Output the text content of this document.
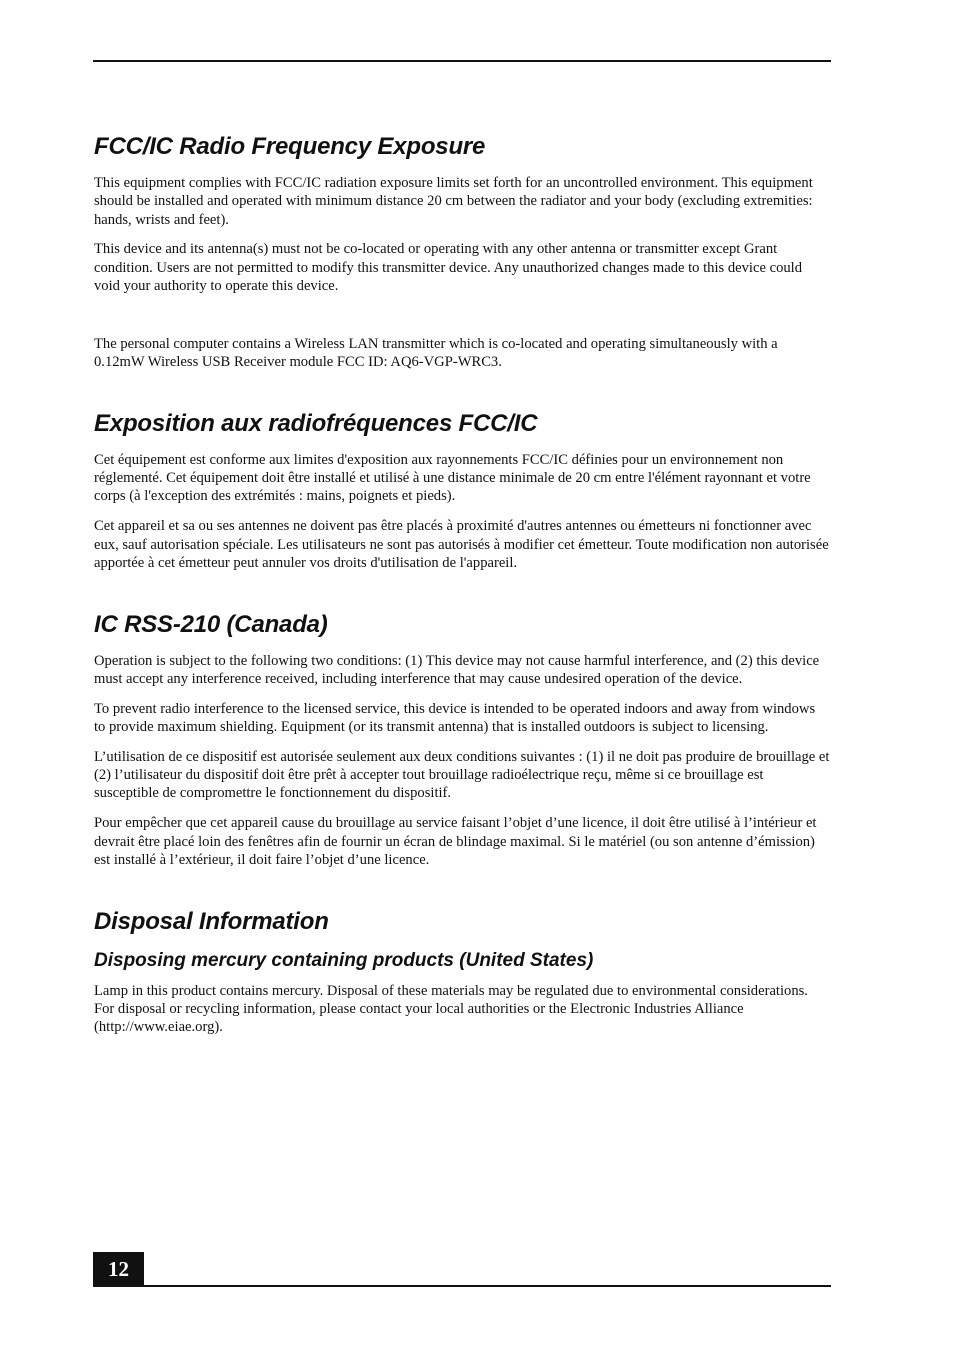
FCC/IC Radio Frequency Exposure

This equipment complies with FCC/IC radiation exposure limits set forth for an uncontrolled environment. This equipment should be installed and operated with minimum distance 20 cm between the radiator and your body (excluding extremities: hands, wrists and feet).

This device and its antenna(s) must not be co-located or operating with any other antenna or transmitter except Grant condition. Users are not permitted to modify this transmitter device. Any unauthorized changes made to this device could void your authority to operate this device.

The personal computer contains a Wireless LAN transmitter which is co-located and operating simultaneously with a 0.12mW Wireless USB Receiver module FCC ID: AQ6-VGP-WRC3.

Exposition aux radiofréquences FCC/IC

Cet équipement est conforme aux limites d'exposition aux rayonnements FCC/IC définies pour un environnement non réglementé. Cet équipement doit être installé et utilisé à une distance minimale de 20 cm entre l'élément rayonnant et votre corps (à l'exception des extrémités : mains, poignets et pieds).

Cet appareil et sa ou ses antennes ne doivent pas être placés à proximité d'autres antennes ou émetteurs ni fonctionner avec eux, sauf autorisation spéciale. Les utilisateurs ne sont pas autorisés à modifier cet émetteur. Toute modification non autorisée apportée à cet émetteur peut annuler vos droits d'utilisation de l'appareil.

IC RSS-210 (Canada)

Operation is subject to the following two conditions: (1) This device may not cause harmful interference, and (2) this device must accept any interference received, including interference that may cause undesired operation of the device.

To prevent radio interference to the licensed service, this device is intended to be operated indoors and away from windows to provide maximum shielding. Equipment (or its transmit antenna) that is installed outdoors is subject to licensing.

L’utilisation de ce dispositif est autorisée seulement aux deux conditions suivantes : (1) il ne doit pas produire de brouillage et (2) l’utilisateur du dispositif doit être prêt à accepter tout brouillage radioélectrique reçu, même si ce brouillage est susceptible de compromettre le fonctionnement du dispositif.

Pour empêcher que cet appareil cause du brouillage au service faisant l’objet d’une licence, il doit être utilisé à l’intérieur et devrait être placé loin des fenêtres afin de fournir un écran de blindage maximal. Si le matériel (ou son antenne d’émission) est installé à l’extérieur, il doit faire l’objet d’une licence.

Disposal Information
Disposing mercury containing products (United States)

Lamp in this product contains mercury. Disposal of these materials may be regulated due to environmental considerations.

For disposal or recycling information, please contact your local authorities or the Electronic Industries Alliance (http://www.eiae.org).

12
